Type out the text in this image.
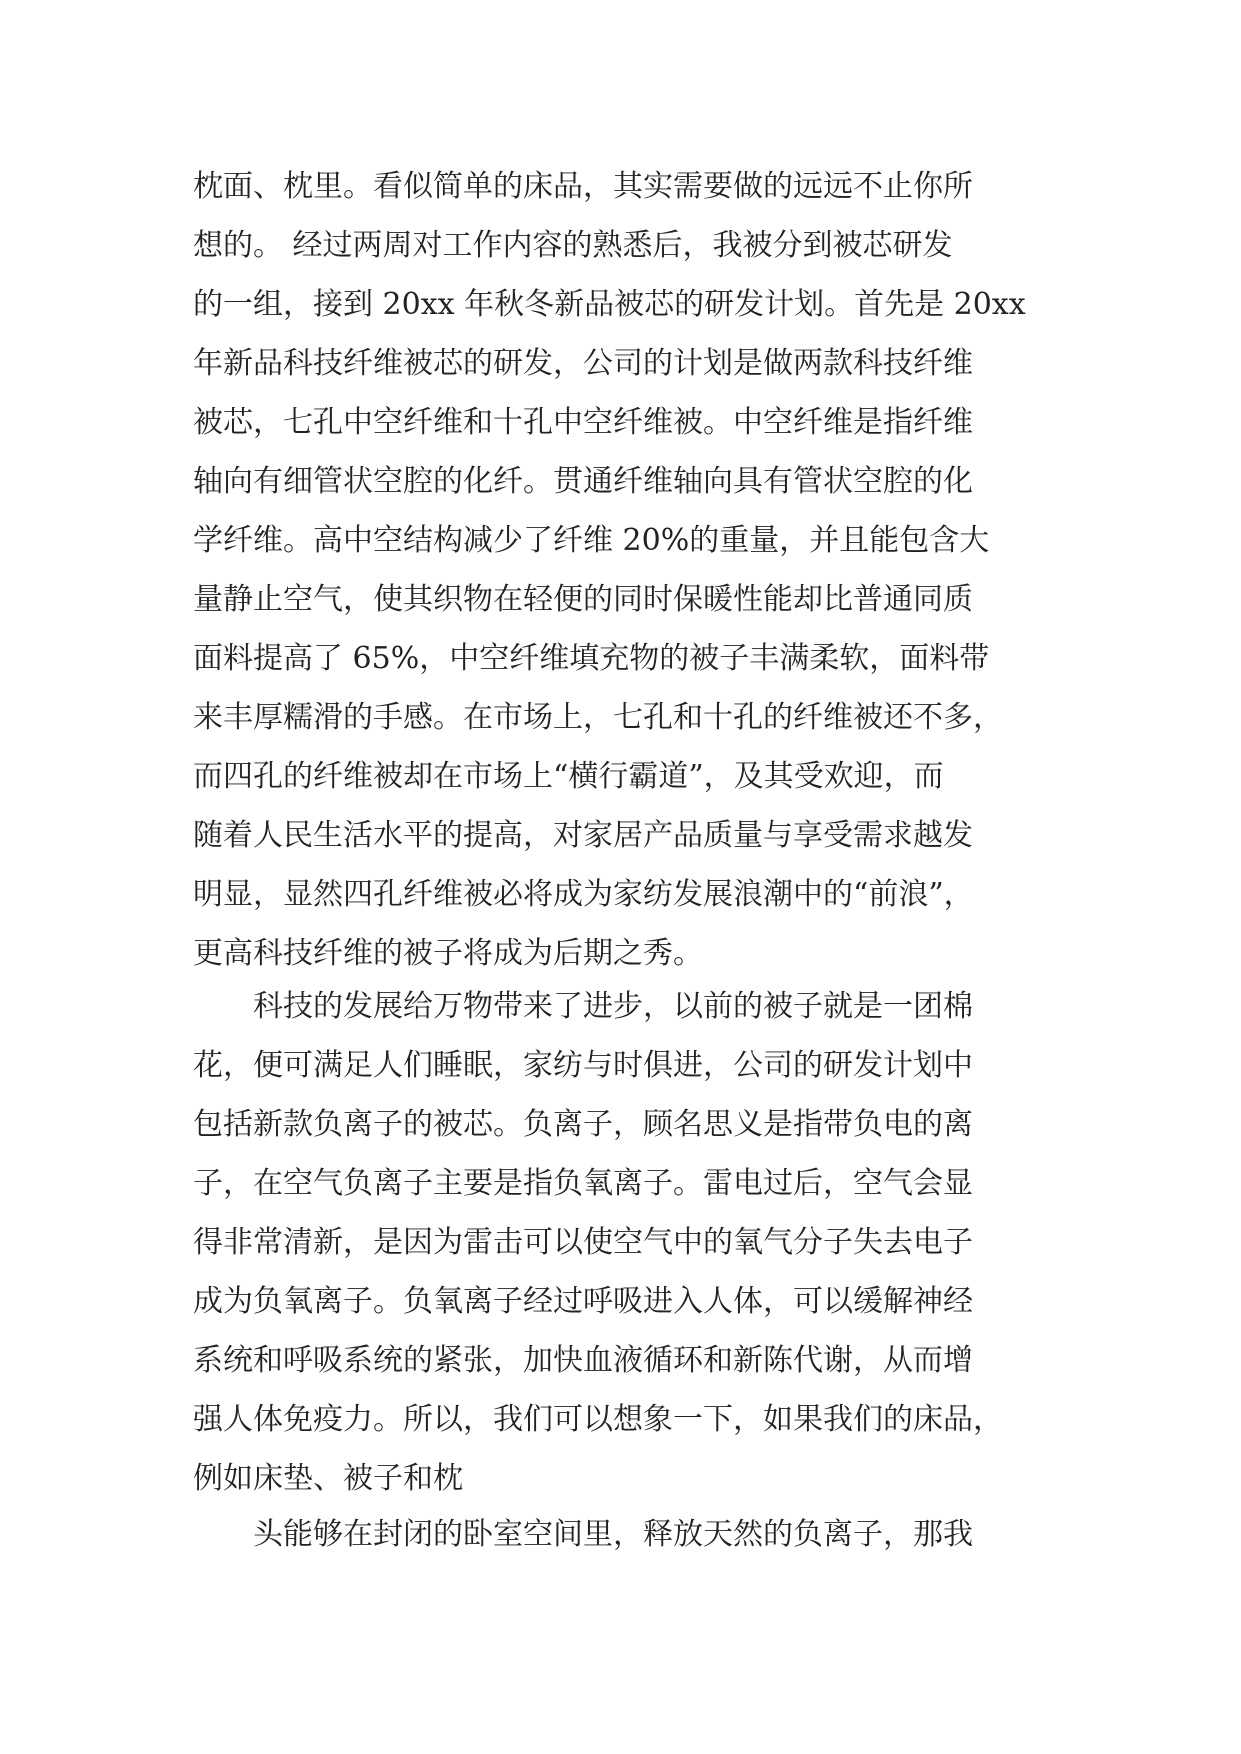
枕面、枕里。看似简单的床品，其实需要做的远远不止你所
想的。 经过两周对工作内容的熟悉后，我被分到被芯研发
的一组，接到 20xx 年秋冬新品被芯的研发计划。首先是 20xx
年新品科技纤维被芯的研发，公司的计划是做两款科技纤维
被芯，七孔中空纤维和十孔中空纤维被。中空纤维是指纤维
轴向有细管状空腔的化纤。贯通纤维轴向具有管状空腔的化
学纤维。高中空结构减少了纤维 20%的重量，并且能包含大
量静止空气，使其织物在轻便的同时保暖性能却比普通同质
面料提高了 65%，中空纤维填充物的被子丰满柔软，面料带
来丰厚糯滑的手感。在市场上，七孔和十孔的纤维被还不多，
而四孔的纤维被却在市场上“横行霸道”，及其受欢迎，而
随着人民生活水平的提高，对家居产品质量与享受需求越发
明显，显然四孔纤维被必将成为家纺发展浪潮中的“前浪”，
更高科技纤维的被子将成为后期之秀。
　　科技的发展给万物带来了进步，以前的被子就是一团棉
花，便可满足人们睡眠，家纺与时俱进，公司的研发计划中
包括新款负离子的被芯。负离子，顾名思义是指带负电的离
子，在空气负离子主要是指负氧离子。雷电过后，空气会显
得非常清新，是因为雷击可以使空气中的氧气分子失去电子
成为负氧离子。负氧离子经过呼吸进入人体，可以缓解神经
系统和呼吸系统的紧张，加快血液循环和新陈代谢，从而增
强人体免疫力。所以，我们可以想象一下，如果我们的床品，
例如床垫、被子和枕
　　头能够在封闭的卧室空间里，释放天然的负离子，那我
